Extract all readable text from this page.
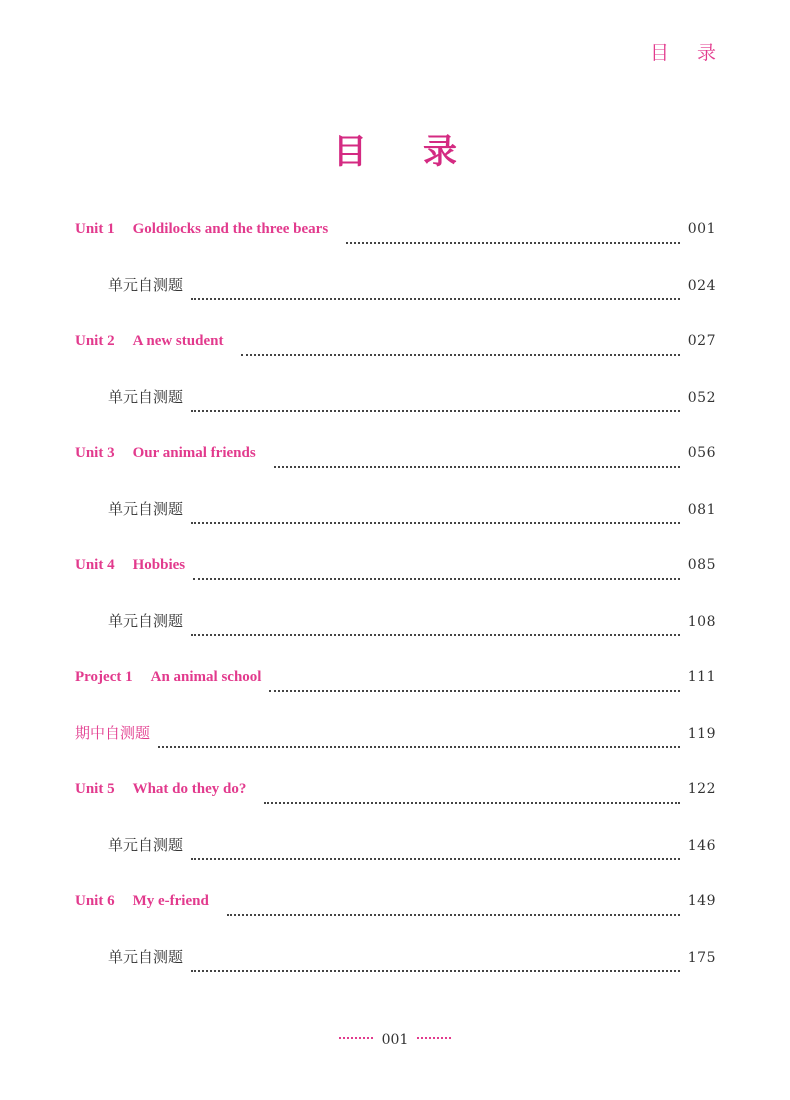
目录
目录
Unit 1 Goldilocks and the three bears	001
单元自测题	024
Unit 2 A new student	027
单元自测题	052
Unit 3 Our animal friends	056
单元自测题	081
Unit 4 Hobbies	085
单元自测题	108
Project 1 An animal school	111
期中自测题	119
Unit 5 What do they do?	122
单元自测题	146
Unit 6 My e-friend	149
单元自测题	175
001
